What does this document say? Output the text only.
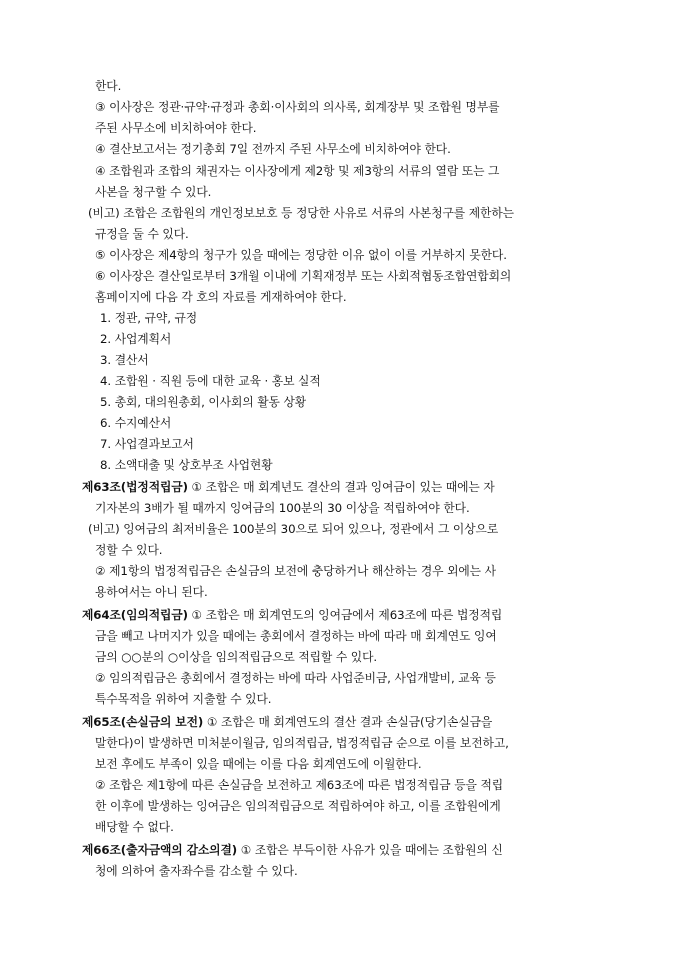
한다.
③ 이사장은 정관·규약·규정과 총회·이사회의 의사록, 회계장부 및 조합원 명부를
주된 사무소에 비치하여야 한다.
④ 결산보고서는 정기총회 7일 전까지 주된 사무소에 비치하여야 한다.
④ 조합원과 조합의 채권자는 이사장에게 제2항 및 제3항의 서류의 열람 또는 그
사본을 청구할 수 있다.
(비고) 조합은 조합원의 개인정보보호 등 정당한 사유로 서류의 사본청구를 제한하는
규정을 둘 수 있다.
⑤ 이사장은 제4항의 청구가 있을 때에는 정당한 이유 없이 이를 거부하지 못한다.
⑥ 이사장은 결산일로부터 3개월 이내에 기획재정부 또는 사회적협동조합연합회의
홈페이지에 다음 각 호의 자료를 게재하여야 한다.
1. 정관, 규약, 규정
2. 사업계획서
3. 결산서
4. 조합원 · 직원 등에 대한 교육 · 홍보 실적
5. 총회, 대의원총회, 이사회의 활동 상황
6. 수지예산서
7. 사업결과보고서
8. 소액대출 및 상호부조 사업현황
제63조(법정적립금) ① 조합은 매 회계년도 결산의 결과 잉여금이 있는 때에는 자
기자본의 3배가 될 때까지 잉여금의 100분의 30 이상을 적립하여야 한다.
(비고) 잉여금의 최저비율은 100분의 30으로 되어 있으나, 정관에서 그 이상으로
정할 수 있다.
② 제1항의 법정적립금은 손실금의 보전에 충당하거나 해산하는 경우 외에는 사
용하여서는 아니 된다.
제64조(임의적립금) ① 조합은 매 회계연도의 잉여금에서 제63조에 따른 법정적립
금을 빼고 나머지가 있을 때에는 총회에서 결정하는 바에 따라 매 회계연도 잉여
금의 ○○분의 ○이상을 임의적립금으로 적립할 수 있다.
② 임의적립금은 총회에서 결정하는 바에 따라 사업준비금, 사업개발비, 교육 등
특수목적을 위하여 지출할 수 있다.
제65조(손실금의 보전) ① 조합은 매 회계연도의 결산 결과 손실금(당기손실금을
말한다)이 발생하면 미처분이월금, 임의적립금, 법정적립금 순으로 이를 보전하고,
보전 후에도 부족이 있을 때에는 이를 다음 회계연도에 이월한다.
② 조합은 제1항에 따른 손실금을 보전하고 제63조에 따른 법정적립금 등을 적립
한 이후에 발생하는 잉여금은 임의적립금으로 적립하여야 하고, 이를 조합원에게
배당할 수 없다.
제66조(출자금액의 감소의결) ① 조합은 부득이한 사유가 있을 때에는 조합원의 신
청에 의하여 출자좌수를 감소할 수 있다.
